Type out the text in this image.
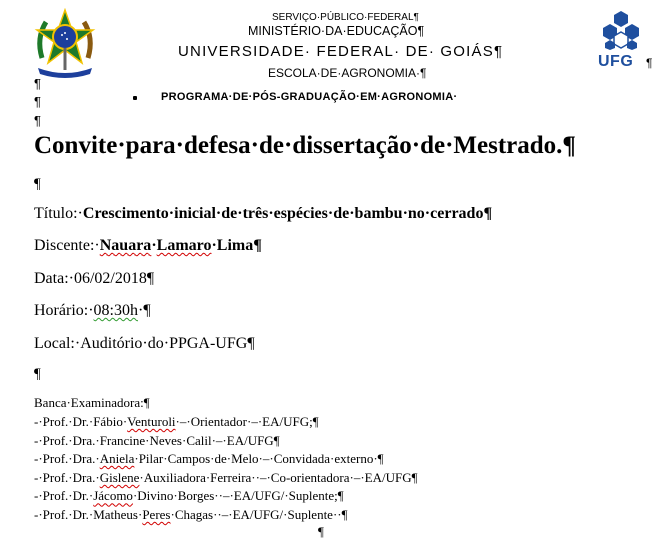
SERVIÇO·PÚBLICO·FEDERAL¶
MINISTÉRIO·DA·EDUCAÇÃO¶
UNIVERSIDADE· FEDERAL· DE· GOIÁS¶
ESCOLA·DE·AGRONOMIA·¶
UFG	¶
¶
¶
¶
PROGRAMA·DE·PÓS-GRADUAÇÃO·EM·AGRONOMIA·
Convite·para·defesa·de·dissertação·de·Mestrado.¶
¶
Título:·Crescimento·inicial·de·três·espécies·de·bambu·no·cerrado¶
Discente:·Nauara·Lamaro·Lima¶
Data:·06/02/2018¶
Horário:·08:30h·¶
Local:·Auditório·do·PPGA-UFG¶
¶
Banca·Examinadora:¶
-·Prof.·Dr.·Fábio·Venturoli·–·Orientador·–·EA/UFG;¶
-·Prof.·Dra.·Francine·Neves·Calil·–·EA/UFG¶
-·Prof.·Dra.·Aniela·Pilar·Campos·de·Melo·–·Convidada·externo·¶
-·Prof.·Dra.·Gislene·Auxiliadora·Ferreira··–·Co-orientadora·–·EA/UFG¶
-·Prof.·Dr.·Jácomo·Divino·Borges··–·EA/UFG/·Suplente;¶
-·Prof.·Dr.·Matheus·Peres·Chagas··–·EA/UFG/·Suplente··¶
¶
